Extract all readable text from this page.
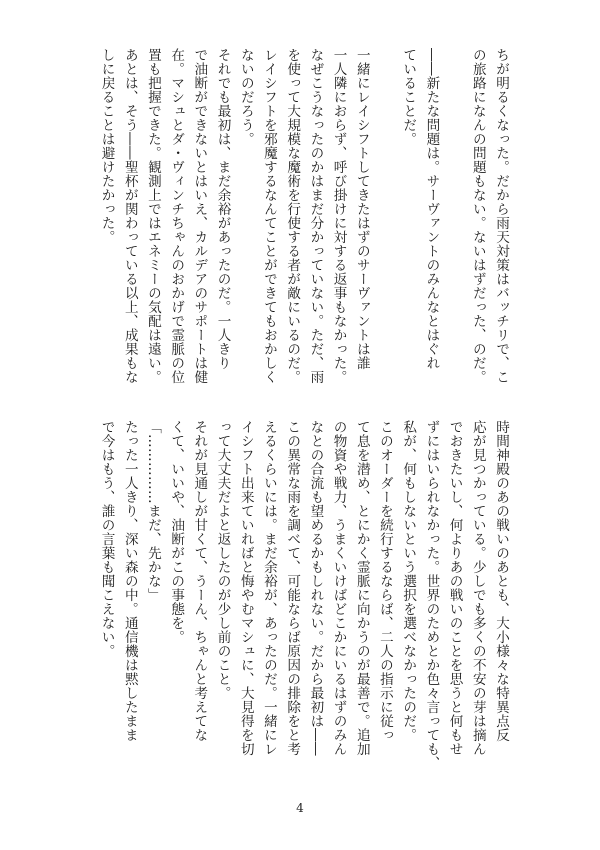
ちが明るくなった。だから雨天対策はバッチリで、こ
の旅路になんの問題もない。ないはずだった、のだ。

――新たな問題は。サーヴァントのみんなとはぐれ
ていることだ。

一緒にレイシフトしてきたはずのサーヴァントは誰
一人隣におらず、呼び掛けに対する返事もなかった。
なぜこうなったのかはまだ分かっていない。ただ、雨
を使って大規模な魔術を行使する者が敵にいるのだ。
レイシフトを邪魔するなんてことができてもおかしく
ないのだろう。
それでも最初は、まだ余裕があったのだ。一人きり
で油断ができないとはいえ、カルデアのサポートは健
在。マシュとダ・ヴィンチちゃんのおかげで霊脈の位
置も把握できた。観測上ではエネミーの気配は遠い。
あとは、そう――聖杯が関わっている以上、成果もな
しに戻ることは避けたかった。
時間神殿のあの戦いのあとも、大小様々な特異点反
応が見つかっている。少しでも多くの不安の芽は摘ん
でおきたいし、何よりあの戦いのことを思うと何もせ
ずにはいられなかった。世界のためとか色々言っても、
私が、何もしないという選択を選べなかったのだ。
このオーダーを続行するならば、二人の指示に従っ
て息を潜め、とにかく霊脈に向かうのが最善で。追加
の物資や戦力、うまくいけばどこかにいるはずのみん
なとの合流も望めるかもしれない。だから最初は――
この異常な雨を調べて、可能ならば原因の排除をと考
えるくらいには。まだ余裕が、あったのだ。一緒にレ
イシフト出来ていればと悔やむマシュに、大見得を切
って大丈夫だよと返したのが少し前のこと。
それが見通しが甘くて、うーん、ちゃんと考えてな
くて、いいや、油断がこの事態を。
「……………まだ、先かな」
たった一人きり、深い森の中。通信機は黙したまま
で今はもう、誰の言葉も聞こえない。
4
